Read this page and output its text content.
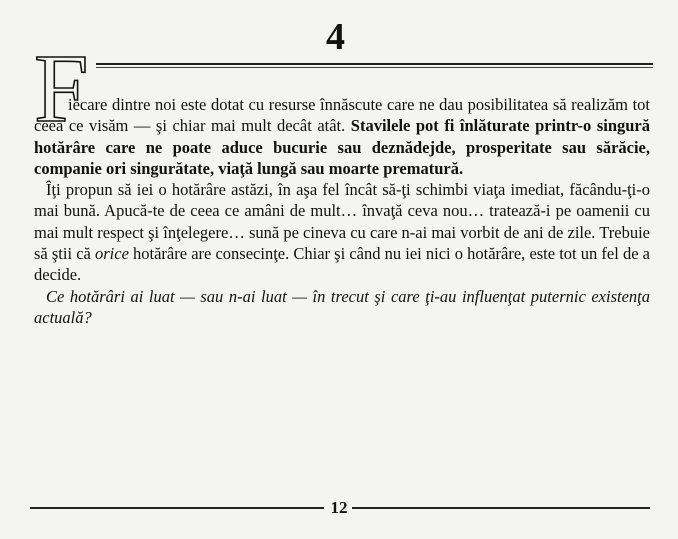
4
F

iecare dintre noi este dotat cu resurse înnăscute care ne dau posibilitatea să realizăm tot ceea ce visăm — şi chiar mai mult decât atât. Stavilele pot fi înlăturate printr-o singură hotărâre care ne poate aduce bucurie sau deznădejde, prosperitate sau sărăcie, companie ori singurătate, viaţă lungă sau moarte prematură.

Îţi propun să iei o hotărâre astăzi, în aşa fel încât să-ţi schimbi viaţa imediat, făcându-ţi-o mai bună. Apucă-te de ceea ce amâni de mult… învaţă ceva nou… tratează-i pe oamenii cu mai mult respect şi înţelegere… sună pe cineva cu care n-ai mai vorbit de ani de zile. Trebuie să ştii că orice hotărâre are consecinţe. Chiar şi când nu iei nici o hotărâre, este tot un fel de a decide.

Ce hotărâri ai luat — sau n-ai luat — în trecut şi care ţi-au influenţat puternic existenţa actuală?

12
